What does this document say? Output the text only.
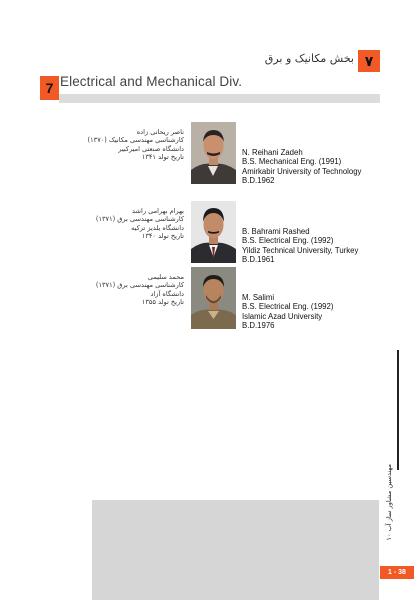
بخش مکانیک و برق ۷
7 Electrical and Mechanical Div.
ناصر ریحانی زاده
کارشناسی مهندسی مکانیک (۱۳۷۰)
دانشگاه صنعتی امیرکبیر
تاریخ تولد ۱۳۴۱
N. Reihani Zadeh
B.S. Mechanical Eng. (1991)
Amirkabir University of Technology
B.D.1962
بهرام بهرامی راشد
کارشناسی مهندسی برق (۱۳۷۱)
دانشگاه یلدیز ترکیه
تاریخ تولد ۱۳۴۰
B. Bahrami Rashed
B.S. Electrical Eng. (1992)
Yildiz Technical University, Turkey
B.D.1961
محمد سلیمی
کارشناسی مهندسی برق (۱۳۷۱)
دانشگاه آزاد
تاریخ تولد ۱۳۵۵
M. Salimi
B.S. Electrical Eng. (1992)
Islamic Azad University
B.D.1976
مهندسین مشاور ساز آب ۱۰
1 - 38
